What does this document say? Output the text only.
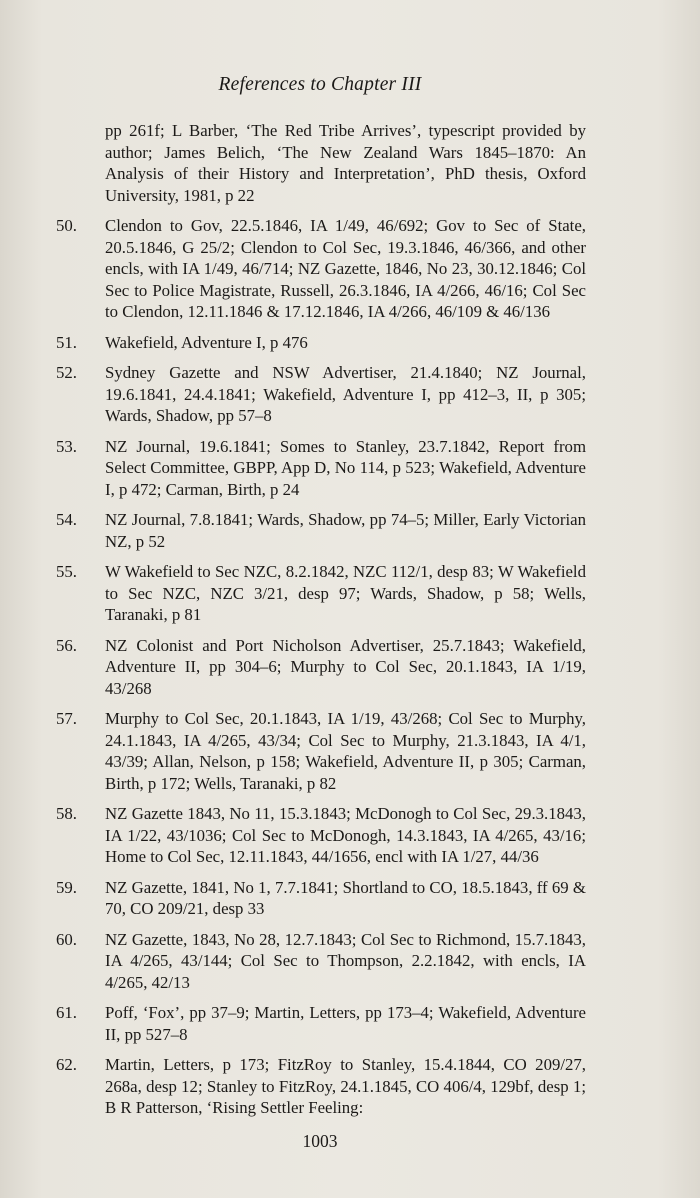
References to Chapter III
pp 261f; L Barber, ‘The Red Tribe Arrives’, typescript provided by author; James Belich, ‘The New Zealand Wars 1845–1870: An Analysis of their History and Interpretation’, PhD thesis, Oxford University, 1981, p 22
50.	Clendon to Gov, 22.5.1846, IA 1/49, 46/692; Gov to Sec of State, 20.5.1846, G 25/2; Clendon to Col Sec, 19.3.1846, 46/366, and other encls, with IA 1/49, 46/714; NZ Gazette, 1846, No 23, 30.12.1846; Col Sec to Police Magistrate, Russell, 26.3.1846, IA 4/266, 46/16; Col Sec to Clendon, 12.11.1846 & 17.12.1846, IA 4/266, 46/109 & 46/136
51.	Wakefield, Adventure I, p 476
52.	Sydney Gazette and NSW Advertiser, 21.4.1840; NZ Journal, 19.6.1841, 24.4.1841; Wakefield, Adventure I, pp 412–3, II, p 305; Wards, Shadow, pp 57–8
53.	NZ Journal, 19.6.1841; Somes to Stanley, 23.7.1842, Report from Select Committee, GBPP, App D, No 114, p 523; Wakefield, Adventure I, p 472; Carman, Birth, p 24
54.	NZ Journal, 7.8.1841; Wards, Shadow, pp 74–5; Miller, Early Victorian NZ, p 52
55.	W Wakefield to Sec NZC, 8.2.1842, NZC 112/1, desp 83; W Wakefield to Sec NZC, NZC 3/21, desp 97; Wards, Shadow, p 58; Wells, Taranaki, p 81
56.	NZ Colonist and Port Nicholson Advertiser, 25.7.1843; Wakefield, Adventure II, pp 304–6; Murphy to Col Sec, 20.1.1843, IA 1/19, 43/268
57.	Murphy to Col Sec, 20.1.1843, IA 1/19, 43/268; Col Sec to Murphy, 24.1.1843, IA 4/265, 43/34; Col Sec to Murphy, 21.3.1843, IA 4/1, 43/39; Allan, Nelson, p 158; Wakefield, Adventure II, p 305; Carman, Birth, p 172; Wells, Taranaki, p 82
58.	NZ Gazette 1843, No 11, 15.3.1843; McDonogh to Col Sec, 29.3.1843, IA 1/22, 43/1036; Col Sec to McDonogh, 14.3.1843, IA 4/265, 43/16; Home to Col Sec, 12.11.1843, 44/1656, encl with IA 1/27, 44/36
59.	NZ Gazette, 1841, No 1, 7.7.1841; Shortland to CO, 18.5.1843, ff 69 & 70, CO 209/21, desp 33
60.	NZ Gazette, 1843, No 28, 12.7.1843; Col Sec to Richmond, 15.7.1843, IA 4/265, 43/144; Col Sec to Thompson, 2.2.1842, with encls, IA 4/265, 42/13
61.	Poff, ‘Fox’, pp 37–9; Martin, Letters, pp 173–4; Wakefield, Adventure II, pp 527–8
62.	Martin, Letters, p 173; FitzRoy to Stanley, 15.4.1844, CO 209/27, 268a, desp 12; Stanley to FitzRoy, 24.1.1845, CO 406/4, 129bf, desp 1; B R Patterson, ‘Rising Settler Feeling:
1003
